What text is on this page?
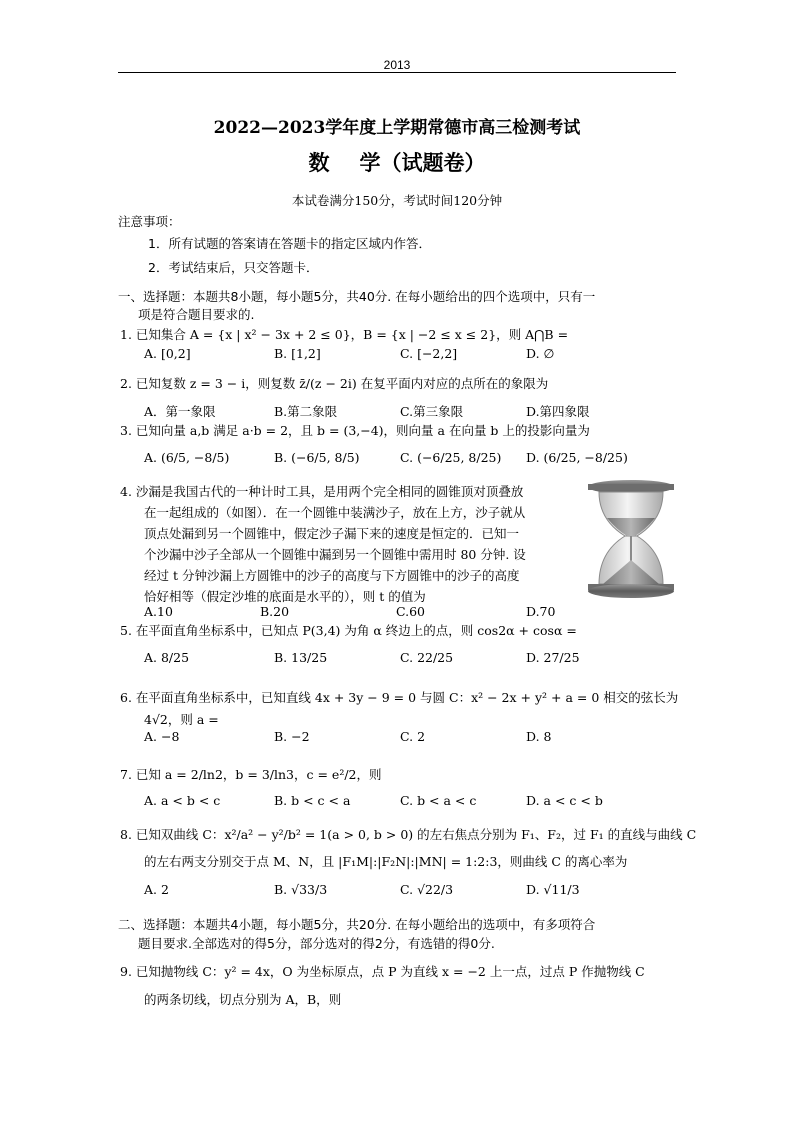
2013
2022—2023学年度上学期常德市高三检测考试
数 学（试题卷）
本试卷满分150分，考试时间120分钟
注意事项：
1．所有试题的答案请在答题卡的指定区域内作答．
2．考试结束后，只交答题卡．
一、选择题：本题共8小题，每小题5分，共40分. 在每小题给出的四个选项中，只有一
项是符合题目要求的.
1. 已知集合 A = {x | x² − 3x + 2 ≤ 0}，B = {x | −2 ≤ x ≤ 2}，则 A⋂B =
A. [0,2]	B. [1,2]	C. [−2,2]	D. ∅
2. 已知复数 z = 3 − i，则复数 z̄/(z − 2i) 在复平面内对应的点所在的象限为
A．第一象限	B.第二象限	C.第三象限	D.第四象限
3. 已知向量 a,b 满足 a·b = 2，且 b = (3,−4)，则向量 a 在向量 b 上的投影向量为
A. (6/5, −8/5)	B. (−6/5, 8/5)	C. (−6/25, 8/25) D. (6/25, −8/25)
4. 沙漏是我国古代的一种计时工具，是用两个完全相同的圆锥顶对顶叠放
在一起组成的（如图）．在一个圆锥中装满沙子，放在上方，沙子就从
顶点处漏到另一个圆锥中，假定沙子漏下来的速度是恒定的．已知一
个沙漏中沙子全部从一个圆锥中漏到另一个圆锥中需用时 80 分钟. 设
经过 t 分钟沙漏上方圆锥中的沙子的高度与下方圆锥中的沙子的高度
恰好相等（假定沙堆的底面是水平的），则 t 的值为
A.10	B.20	C.60	D.70
5. 在平面直角坐标系中，已知点 P(3,4) 为角 α 终边上的点，则 cos2α + cosα =
A. 8/25	B. 13/25	C. 22/25	D. 27/25
6. 在平面直角坐标系中，已知直线 4x + 3y − 9 = 0 与圆 C：x² − 2x + y² + a = 0 相交的弦长为
4√2，则 a =
A. −8	B. −2	C. 2	D. 8
7. 已知 a = 2/ln2，b = 3/ln3，c = e²/2，则
A. a < b < c	B. b < c < a	C. b < a < c	D. a < c < b
8. 已知双曲线 C：x²/a² − y²/b² = 1(a > 0, b > 0) 的左右焦点分别为 F₁、F₂，过 F₁ 的直线与曲线 C
的左右两支分别交于点 M、N，且 |F₁M|:|F₂N|:|MN| = 1:2:3，则曲线 C 的离心率为
A. 2	B. √33/3	C. √22/3	D. √11/3
二、选择题：本题共4小题，每小题5分，共20分. 在每小题给出的选项中，有多项符合
题目要求.全部选对的得5分，部分选对的得2分，有选错的得0分.
9. 已知抛物线 C：y² = 4x，O 为坐标原点，点 P 为直线 x = −2 上一点，过点 P 作抛物线 C
的两条切线，切点分别为 A，B，则
